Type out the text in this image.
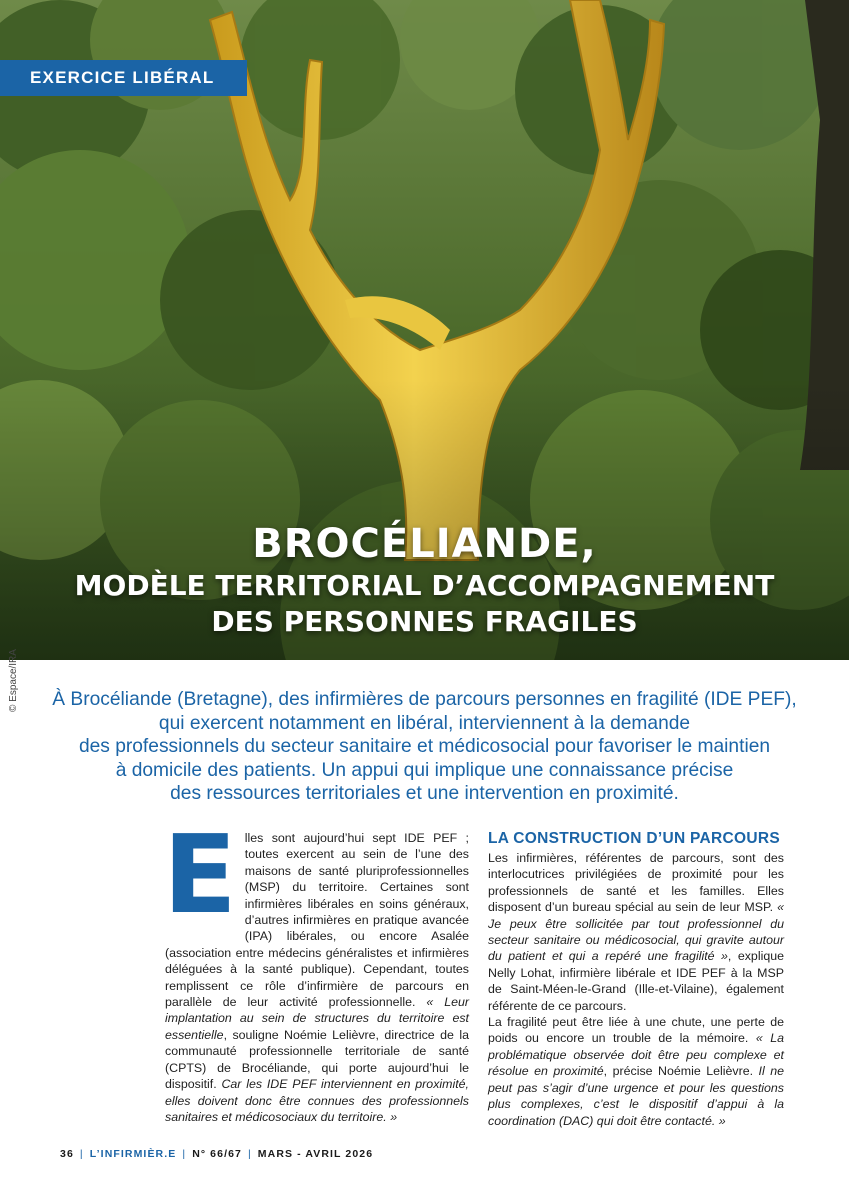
EXERCICE LIBÉRAL
BROCÉLIANDE,
MODÈLE TERRITORIAL D’ACCOMPAGNEMENT
DES PERSONNES FRAGILES
© Espace/IRA À Brocéliande (Bretagne), des infirmières de parcours personnes en fragilité (IDE PEF),
qui exercent notamment en libéral, interviennent à la demande
des professionnels du secteur sanitaire et médicosocial pour favoriser le maintien
à domicile des patients. Un appui qui implique une connaissance précise
des ressources territoriales et une intervention en proximité.
E lles sont aujourd’hui sept IDE PEF ; toutes exercent au sein de l’une des maisons de santé pluriprofessionnelles (MSP) du territoire. Certaines sont infirmières libérales en soins généraux, d’autres infirmières en pratique avancée (IPA) libérales, ou encore Asalée (association entre médecins généralistes et infirmières déléguées à la santé publique). Cependant, toutes remplissent ce rôle d’infirmière de parcours en parallèle de leur activité professionnelle. « Leur implantation au sein de structures du territoire est essentielle, souligne Noémie Lelièvre, directrice de la communauté professionnelle territoriale de santé (CPTS) de Brocéliande, qui porte aujourd’hui le dispositif. Car les IDE PEF interviennent en proximité, elles doivent donc être connues des professionnels sanitaires et médicosociaux du territoire. »

LA CONSTRUCTION D’UN PARCOURS

Les infirmières, référentes de parcours, sont des interlocutrices privilégiées de proximité pour les professionnels de santé et les familles. Elles disposent d’un bureau spécial au sein de leur MSP. « Je peux être sollicitée par tout professionnel du secteur sanitaire ou médicosocial, qui gravite autour du patient et qui a repéré une fragilité », explique Nelly Lohat, infirmière libérale et IDE PEF à la MSP de Saint-Méen-le-Grand (Ille-et-Vilaine), également référente de ce parcours.

La fragilité peut être liée à une chute, une perte de poids ou encore un trouble de la mémoire. « La problématique observée doit être peu complexe et résolue en proximité, précise Noémie Lelièvre. Il ne peut pas s’agir d’une urgence et pour les questions plus complexes, c’est le dispositif d’appui à la coordination (DAC) qui doit être contacté. »

36 | L’INFIRMIÈR.E | N° 66/67 | MARS - AVRIL 2026
